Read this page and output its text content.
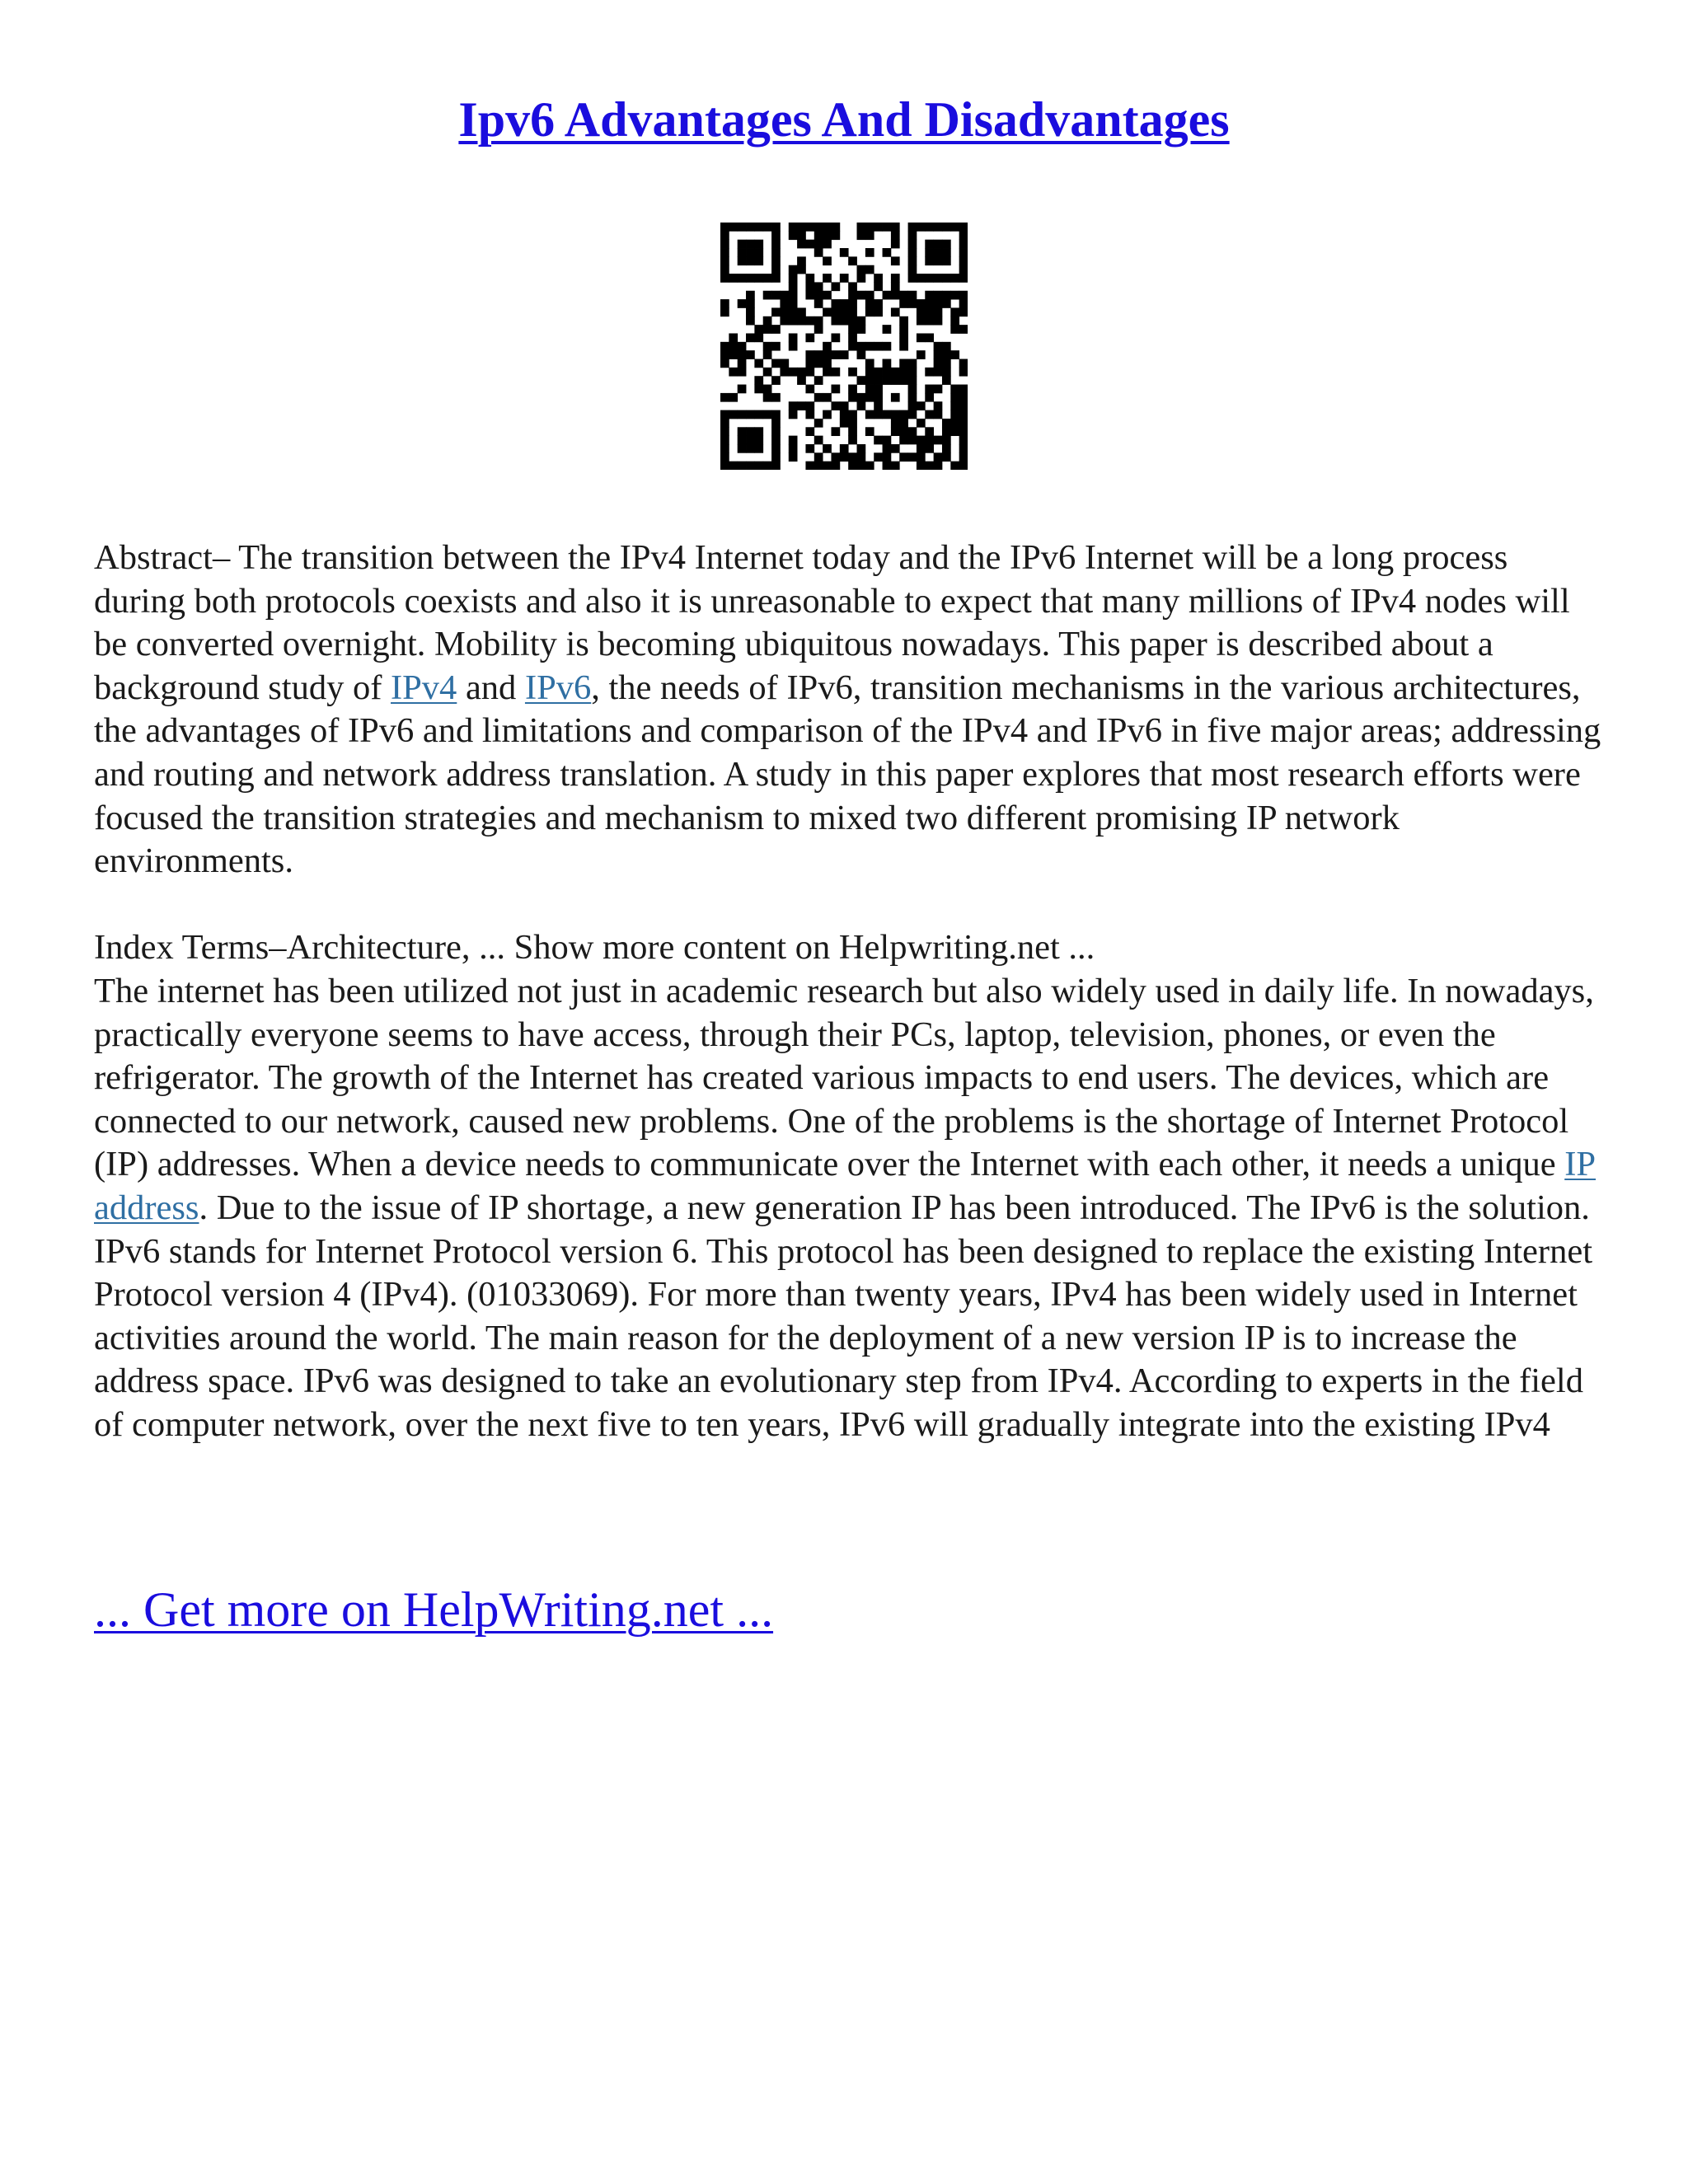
Ipv6 Advantages And Disadvantages

Abstract– The transition between the IPv4 Internet today and the IPv6 Internet will be a long process during both protocols coexists and also it is unreasonable to expect that many millions of IPv4 nodes will be converted overnight. Mobility is becoming ubiquitous nowadays. This paper is described about a background study of IPv4 and IPv6, the needs of IPv6, transition mechanisms in the various architectures, the advantages of IPv6 and limitations and comparison of the IPv4 and IPv6 in five major areas; addressing and routing and network address translation. A study in this paper explores that most research efforts were focused the transition strategies and mechanism to mixed two different promising IP network environments.

Index Terms–Architecture, ... Show more content on Helpwriting.net ...

The internet has been utilized not just in academic research but also widely used in daily life. In nowadays, practically everyone seems to have access, through their PCs, laptop, television, phones, or even the refrigerator. The growth of the Internet has created various impacts to end users. The devices, which are connected to our network, caused new problems. One of the problems is the shortage of Internet Protocol (IP) addresses. When a device needs to communicate over the Internet with each other, it needs a unique IP address. Due to the issue of IP shortage, a new generation IP has been introduced. The IPv6 is the solution.

IPv6 stands for Internet Protocol version 6. This protocol has been designed to replace the existing Internet Protocol version 4 (IPv4). (01033069). For more than twenty years, IPv4 has been widely used in Internet activities around the world. The main reason for the deployment of a new version IP is to increase the address space. IPv6 was designed to take an evolutionary step from IPv4. According to experts in the field of computer network, over the next five to ten years, IPv6 will gradually integrate into the existing IPv4

... Get more on HelpWriting.net ...
